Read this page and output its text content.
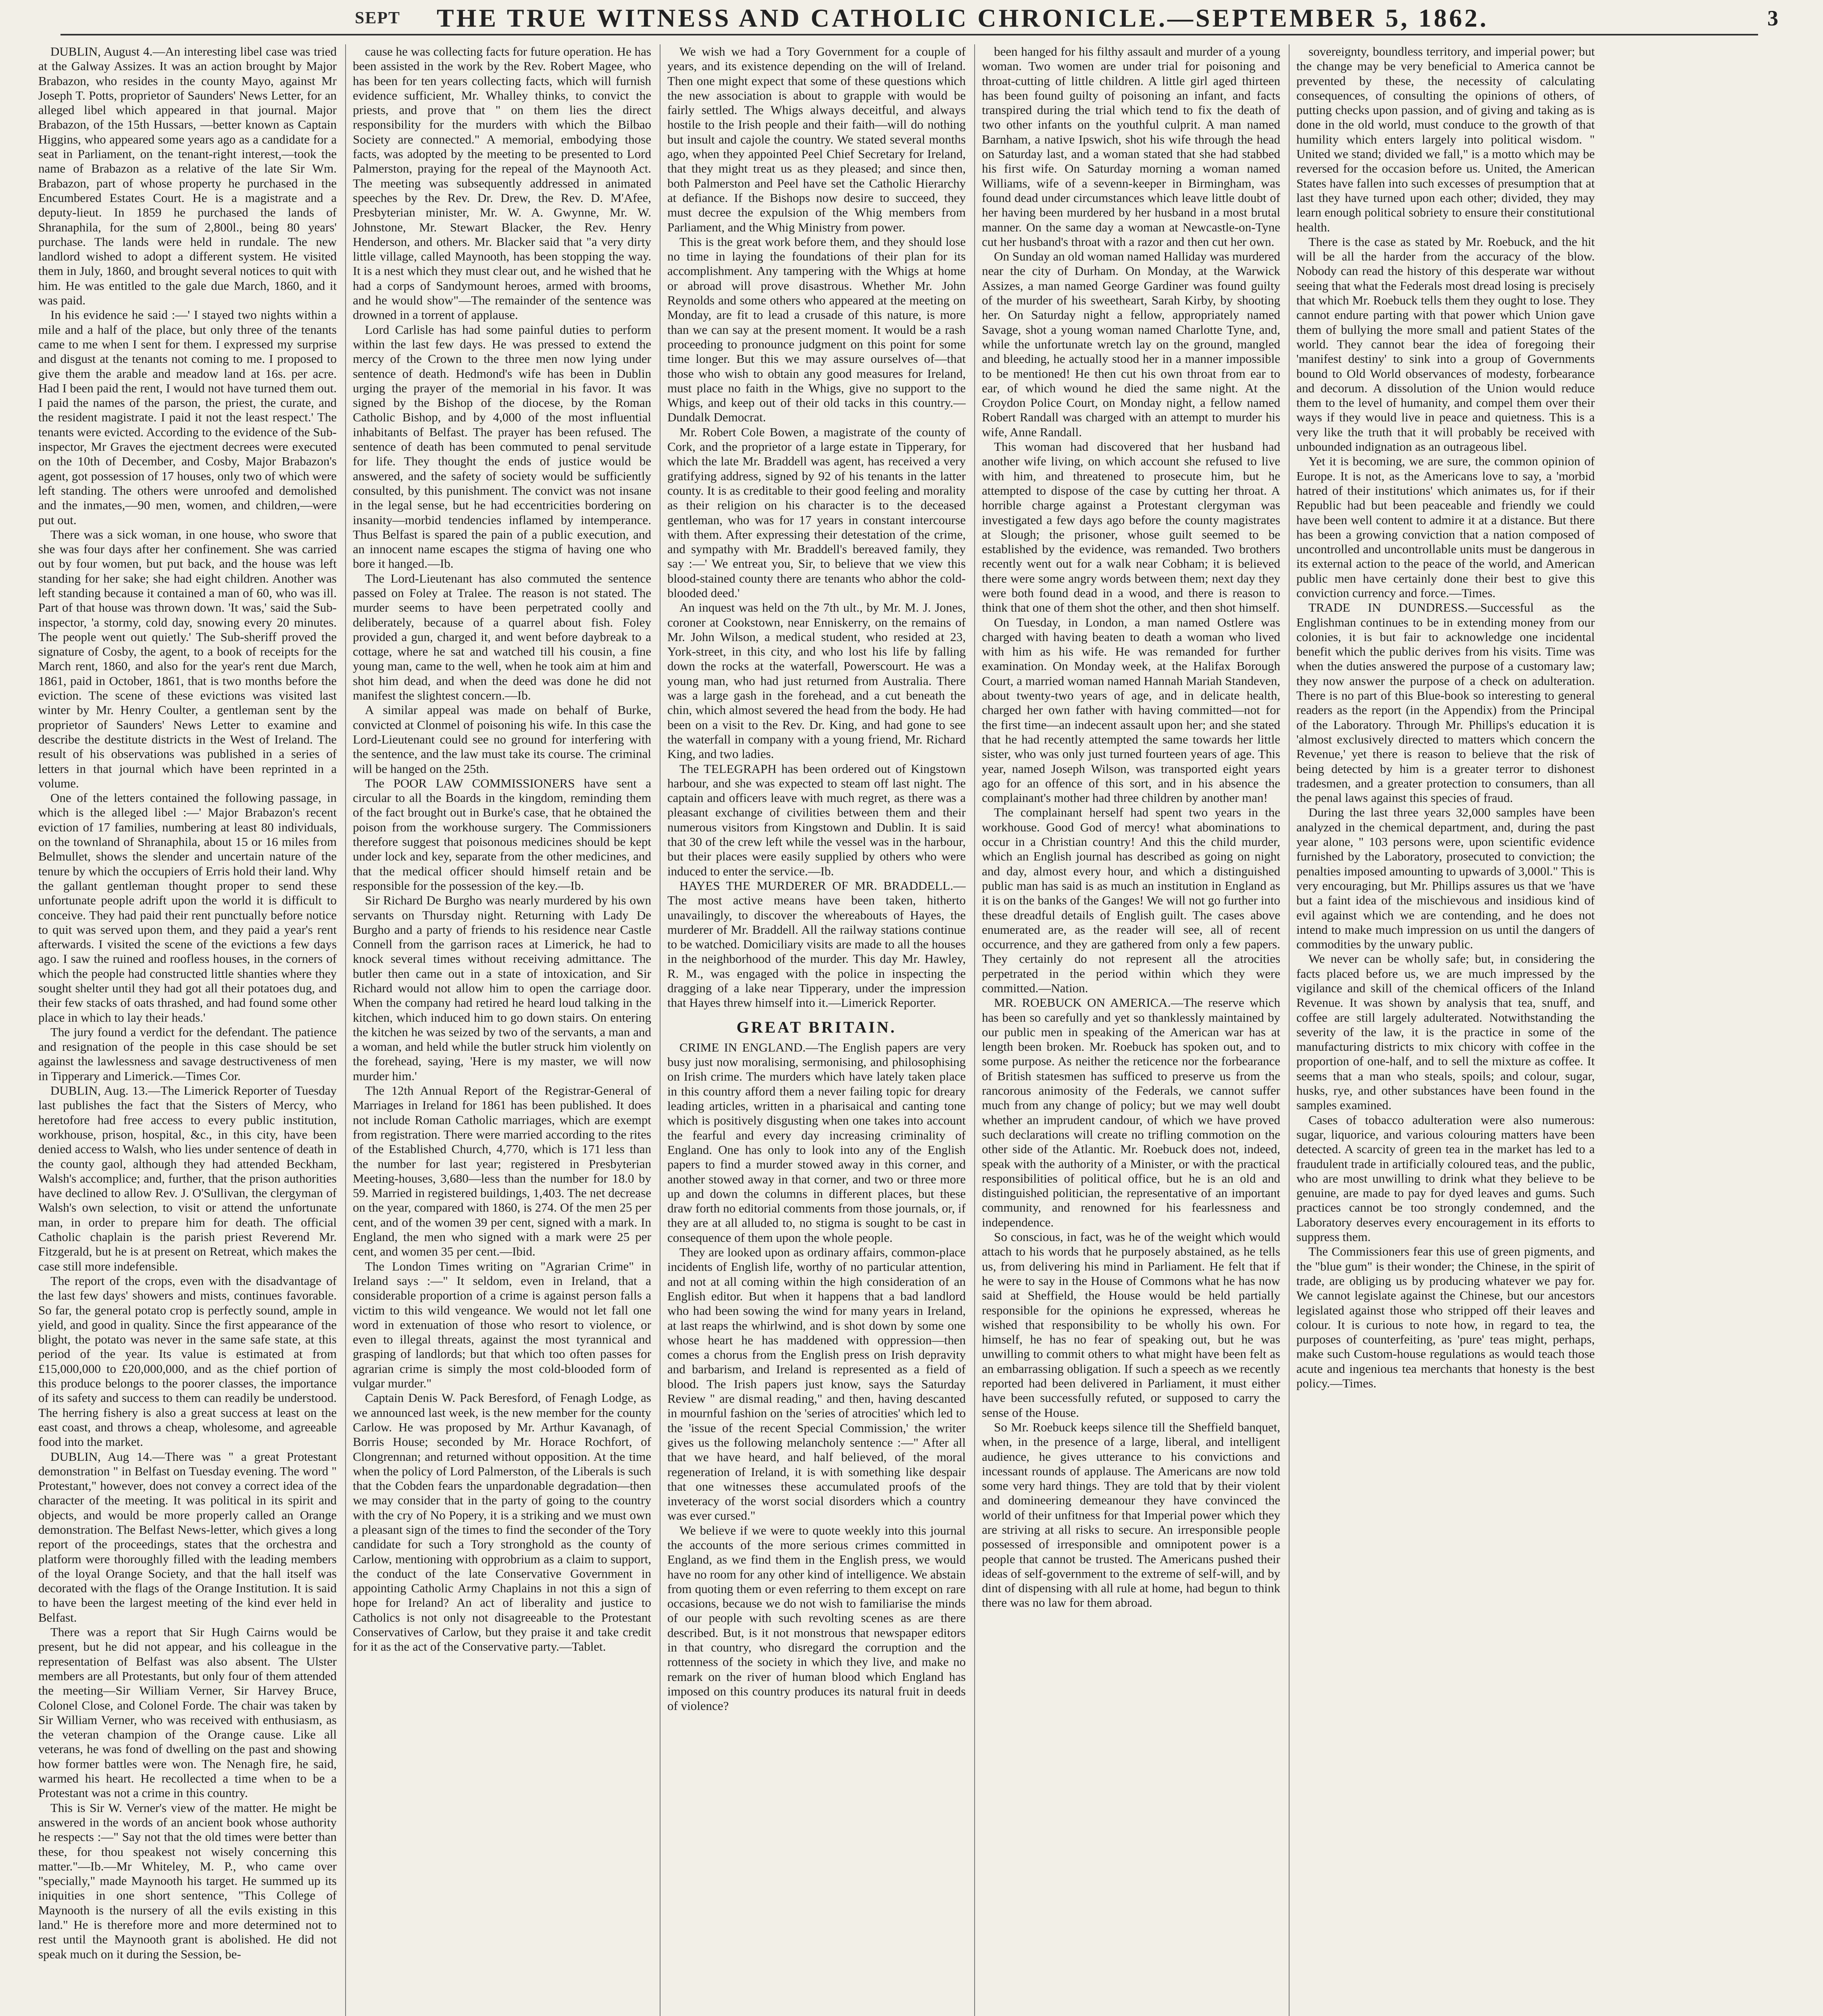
SEPT THE TRUE WITNESS AND CATHOLIC CHRONICLE.—SEPTEMBER 5, 1862.	3

DUBLIN, August 4.—An interesting libel case was tried at the Galway Assizes. It was an action brought by Major Brabazon, who resides in the county Mayo, against Mr Joseph T. Potts, proprietor of Saunders' News Letter, for an alleged libel which appeared in that journal. Major Brabazon, of the 15th Hussars, —better known as Captain Higgins, who appeared some years ago as a candidate for a seat in Parliament, on the tenant-right interest,—took the name of Brabazon as a relative of the late Sir Wm. Brabazon, part of whose property he purchased in the Encumbered Estates Court. He is a magistrate and a deputy-lieut. In 1859 he purchased the lands of Shranaphila, for the sum of 2,800l., being 80 years' purchase. The lands were held in rundale. The new landlord wished to adopt a different system. He visited them in July, 1860, and brought several notices to quit with him. He was entitled to the gale due March, 1860, and it was paid.

In his evidence he said :—' I stayed two nights within a mile and a half of the place, but only three of the tenants came to me when I sent for them. I expressed my surprise and disgust at the tenants not coming to me. I proposed to give them the arable and meadow land at 16s. per acre. Had I been paid the rent, I would not have turned them out. I paid the names of the parson, the priest, the curate, and the resident magistrate. I paid it not the least respect.' The tenants were evicted. According to the evidence of the Sub-inspector, Mr Graves the ejectment decrees were executed on the 10th of December, and Cosby, Major Brabazon's agent, got possession of 17 houses, only two of which were left standing. The others were unroofed and demolished and the inmates,—90 men, women, and children,—were put out.

There was a sick woman, in one house, who swore that she was four days after her confinement. She was carried out by four women, but put back, and the house was left standing for her sake; she had eight children. Another was left standing because it contained a man of 60, who was ill. Part of that house was thrown down. 'It was,' said the Sub-inspector, 'a stormy, cold day, snowing every 20 minutes. The people went out quietly.' The Sub-sheriff proved the signature of Cosby, the agent, to a book of receipts for the March rent, 1860, and also for the year's rent due March, 1861, paid in October, 1861, that is two months before the eviction. The scene of these evictions was visited last winter by Mr. Henry Coulter, a gentleman sent by the proprietor of Saunders' News Letter to examine and describe the destitute districts in the West of Ireland. The result of his observations was published in a series of letters in that journal which have been reprinted in a volume.

One of the letters contained the following passage, in which is the alleged libel :—' Major Brabazon's recent eviction of 17 families, numbering at least 80 individuals, on the townland of Shranaphila, about 15 or 16 miles from Belmullet, shows the slender and uncertain nature of the tenure by which the occupiers of Erris hold their land. Why the gallant gentleman thought proper to send these unfortunate people adrift upon the world it is difficult to conceive. They had paid their rent punctually before notice to quit was served upon them, and they paid a year's rent afterwards. I visited the scene of the evictions a few days ago. I saw the ruined and roofless houses, in the corners of which the people had constructed little shanties where they sought shelter until they had got all their potatoes dug, and their few stacks of oats thrashed, and had found some other place in which to lay their heads.'

The jury found a verdict for the defendant. The patience and resignation of the people in this case should be set against the lawlessness and savage destructiveness of men in Tipperary and Limerick.—Times Cor.

DUBLIN, Aug. 13.—The Limerick Reporter of Tuesday last publishes the fact that the Sisters of Mercy, who heretofore had free access to every public institution, workhouse, prison, hospital, &c., in this city, have been denied access to Walsh, who lies under sentence of death in the county gaol, although they had attended Beckham, Walsh's accomplice; and, further, that the prison authorities have declined to allow Rev. J. O'Sullivan, the clergyman of Walsh's own selection, to visit or attend the unfortunate man, in order to prepare him for death. The official Catholic chaplain is the parish priest Reverend Mr. Fitzgerald, but he is at present on Retreat, which makes the case still more indefensible.

The report of the crops, even with the disadvantage of the last few days' showers and mists, continues favorable. So far, the general potato crop is perfectly sound, ample in yield, and good in quality. Since the first appearance of the blight, the potato was never in the same safe state, at this period of the year. Its value is estimated at from £15,000,000 to £20,000,000, and as the chief portion of this produce belongs to the poorer classes, the importance of its safety and success to them can readily be understood. The herring fishery is also a great success at least on the east coast, and throws a cheap, wholesome, and agreeable food into the market.

DUBLIN, Aug 14.—There was " a great Protestant demonstration " in Belfast on Tuesday evening. The word " Protestant," however, does not convey a correct idea of the character of the meeting. It was political in its spirit and objects, and would be more properly called an Orange demonstration. The Belfast News-letter, which gives a long report of the proceedings, states that the orchestra and platform were thoroughly filled with the leading members of the loyal Orange Society, and that the hall itself was decorated with the flags of the Orange Institution. It is said to have been the largest meeting of the kind ever held in Belfast.

There was a report that Sir Hugh Cairns would be present, but he did not appear, and his colleague in the representation of Belfast was also absent. The Ulster members are all Protestants, but only four of them attended the meeting—Sir William Verner, Sir Harvey Bruce, Colonel Close, and Colonel Forde. The chair was taken by Sir William Verner, who was received with enthusiasm, as the veteran champion of the Orange cause. Like all veterans, he was fond of dwelling on the past and showing how former battles were won. The Nenagh fire, he said, warmed his heart. He recollected a time when to be a Protestant was not a crime in this country.

This is Sir W. Verner's view of the matter. He might be answered in the words of an ancient book whose authority he respects :—" Say not that the old times were better than these, for thou speakest not wisely concerning this matter."—Ib.—Mr Whiteley, M. P., who came over "specially," made Maynooth his target. He summed up its iniquities in one short sentence, "This College of Maynooth is the nursery of all the evils existing in this land." He is therefore more and more determined not to rest until the Maynooth grant is abolished. He did not speak much on it during the Session, be-

cause he was collecting facts for future operation. He has been assisted in the work by the Rev. Robert Magee, who has been for ten years collecting facts, which will furnish evidence sufficient, Mr. Whalley thinks, to convict the priests, and prove that " on them lies the direct responsibility for the murders with which the Bilbao Society are connected." A memorial, embodying those facts, was adopted by the meeting to be presented to Lord Palmerston, praying for the repeal of the Maynooth Act. The meeting was subsequently addressed in animated speeches by the Rev. Dr. Drew, the Rev. D. M'Afee, Presbyterian minister, Mr. W. A. Gwynne, Mr. W. Johnstone, Mr. Stewart Blacker, the Rev. Henry Henderson, and others. Mr. Blacker said that "a very dirty little village, called Maynooth, has been stopping the way. It is a nest which they must clear out, and he wished that he had a corps of Sandymount heroes, armed with brooms, and he would show"—The remainder of the sentence was drowned in a torrent of applause.

Lord Carlisle has had some painful duties to perform within the last few days. He was pressed to extend the mercy of the Crown to the three men now lying under sentence of death. Hedmond's wife has been in Dublin urging the prayer of the memorial in his favor. It was signed by the Bishop of the diocese, by the Roman Catholic Bishop, and by 4,000 of the most influential inhabitants of Belfast. The prayer has been refused. The sentence of death has been commuted to penal servitude for life. They thought the ends of justice would be answered, and the safety of society would be sufficiently consulted, by this punishment. The convict was not insane in the legal sense, but he had eccentricities bordering on insanity—morbid tendencies inflamed by intemperance. Thus Belfast is spared the pain of a public execution, and an innocent name escapes the stigma of having one who bore it hanged.—Ib.

The Lord-Lieutenant has also commuted the sentence passed on Foley at Tralee. The reason is not stated. The murder seems to have been perpetrated coolly and deliberately, because of a quarrel about fish. Foley provided a gun, charged it, and went before daybreak to a cottage, where he sat and watched till his cousin, a fine young man, came to the well, when he took aim at him and shot him dead, and when the deed was done he did not manifest the slightest concern.—Ib.

A similar appeal was made on behalf of Burke, convicted at Clonmel of poisoning his wife. In this case the Lord-Lieutenant could see no ground for interfering with the sentence, and the law must take its course. The criminal will be hanged on the 25th.

The POOR LAW COMMISSIONERS have sent a circular to all the Boards in the kingdom, reminding them of the fact brought out in Burke's case, that he obtained the poison from the workhouse surgery. The Commissioners therefore suggest that poisonous medicines should be kept under lock and key, separate from the other medicines, and that the medical officer should himself retain and be responsible for the possession of the key.—Ib.

Sir Richard De Burgho was nearly murdered by his own servants on Thursday night. Returning with Lady De Burgho and a party of friends to his residence near Castle Connell from the garrison races at Limerick, he had to knock several times without receiving admittance. The butler then came out in a state of intoxication, and Sir Richard would not allow him to open the carriage door. When the company had retired he heard loud talking in the kitchen, which induced him to go down stairs. On entering the kitchen he was seized by two of the servants, a man and a woman, and held while the butler struck him violently on the forehead, saying, 'Here is my master, we will now murder him.'

The 12th Annual Report of the Registrar-General of Marriages in Ireland for 1861 has been published. It does not include Roman Catholic marriages, which are exempt from registration. There were married according to the rites of the Established Church, 4,770, which is 171 less than the number for last year; registered in Presbyterian Meeting-houses, 3,680—less than the number for 18.0 by 59. Married in registered buildings, 1,403. The net decrease on the year, compared with 1860, is 274. Of the men 25 per cent, and of the women 39 per cent, signed with a mark. In England, the men who signed with a mark were 25 per cent, and women 35 per cent.—Ibid.

The London Times writing on "Agrarian Crime" in Ireland says :—" It seldom, even in Ireland, that a considerable proportion of a crime is against person falls a victim to this wild vengeance. We would not let fall one word in extenuation of those who resort to violence, or even to illegal threats, against the most tyrannical and grasping of landlords; but that which too often passes for agrarian crime is simply the most cold-blooded form of vulgar murder."

Captain Denis W. Pack Beresford, of Fenagh Lodge, as we announced last week, is the new member for the county Carlow. He was proposed by Mr. Arthur Kavanagh, of Borris House; seconded by Mr. Horace Rochfort, of Clongrennan; and returned without opposition. At the time when the policy of Lord Palmerston, of the Liberals is such that the Cobden fears the unpardonable degradation—then we may consider that in the party of going to the country with the cry of No Popery, it is a striking and we must own a pleasant sign of the times to find the seconder of the Tory candidate for such a Tory stronghold as the county of Carlow, mentioning with opprobrium as a claim to support, the conduct of the late Conservative Government in appointing Catholic Army Chaplains in not this a sign of hope for Ireland? An act of liberality and justice to Catholics is not only not disagreeable to the Protestant Conservatives of Carlow, but they praise it and take credit for it as the act of the Conservative party.—Tablet.

We wish we had a Tory Government for a couple of years, and its existence depending on the will of Ireland. Then one might expect that some of these questions which the new association is about to grapple with would be fairly settled. The Whigs always deceitful, and always hostile to the Irish people and their faith—will do nothing but insult and cajole the country. We stated several months ago, when they appointed Peel Chief Secretary for Ireland, that they might treat us as they pleased; and since then, both Palmerston and Peel have set the Catholic Hierarchy at defiance. If the Bishops now desire to succeed, they must decree the expulsion of the Whig members from Parliament, and the Whig Ministry from power.

This is the great work before them, and they should lose no time in laying the foundations of their plan for its accomplishment. Any tampering with the Whigs at home or abroad will prove disastrous. Whether Mr. John Reynolds and some others who appeared at the meeting on Monday, are fit to lead a crusade of this nature, is more than we can say at the present moment. It would be a rash proceeding to pronounce judgment on this point for some time longer. But this we may assure ourselves of—that those who wish to obtain any good measures for Ireland, must place no faith in the Whigs, give no support to the Whigs, and keep out of their old tacks in this country.—Dundalk Democrat.

Mr. Robert Cole Bowen, a magistrate of the county of Cork, and the proprietor of a large estate in Tipperary, for which the late Mr. Braddell was agent, has received a very gratifying address, signed by 92 of his tenants in the latter county. It is as creditable to their good feeling and morality as their religion on his character is to the deceased gentleman, who was for 17 years in constant intercourse with them. After expressing their detestation of the crime, and sympathy with Mr. Braddell's bereaved family, they say :—' We entreat you, Sir, to believe that we view this blood-stained county there are tenants who abhor the cold-blooded deed.'

An inquest was held on the 7th ult., by Mr. M. J. Jones, coroner at Cookstown, near Enniskerry, on the remains of Mr. John Wilson, a medical student, who resided at 23, York-street, in this city, and who lost his life by falling down the rocks at the waterfall, Powerscourt. He was a young man, who had just returned from Australia. There was a large gash in the forehead, and a cut beneath the chin, which almost severed the head from the body. He had been on a visit to the Rev. Dr. King, and had gone to see the waterfall in company with a young friend, Mr. Richard King, and two ladies.

The TELEGRAPH has been ordered out of Kingstown harbour, and she was expected to steam off last night. The captain and officers leave with much regret, as there was a pleasant exchange of civilities between them and their numerous visitors from Kingstown and Dublin. It is said that 30 of the crew left while the vessel was in the harbour, but their places were easily supplied by others who were induced to enter the service.—Ib.

HAYES THE MURDERER OF MR. BRADDELL.—The most active means have been taken, hitherto unavailingly, to discover the whereabouts of Hayes, the murderer of Mr. Braddell. All the railway stations continue to be watched. Domiciliary visits are made to all the houses in the neighborhood of the murder. This day Mr. Hawley, R. M., was engaged with the police in inspecting the dragging of a lake near Tipperary, under the impression that Hayes threw himself into it.—Limerick Reporter.

GREAT BRITAIN.

CRIME IN ENGLAND.—The English papers are very busy just now moralising, sermonising, and philosophising on Irish crime. The murders which have lately taken place in this country afford them a never failing topic for dreary leading articles, written in a pharisaical and canting tone which is positively disgusting when one takes into account the fearful and every day increasing criminality of England. One has only to look into any of the English papers to find a murder stowed away in this corner, and another stowed away in that corner, and two or three more up and down the columns in different places, but these draw forth no editorial comments from those journals, or, if they are at all alluded to, no stigma is sought to be cast in consequence of them upon the whole people.

They are looked upon as ordinary affairs, common-place incidents of English life, worthy of no particular attention, and not at all coming within the high consideration of an English editor. But when it happens that a bad landlord who had been sowing the wind for many years in Ireland, at last reaps the whirlwind, and is shot down by some one whose heart he has maddened with oppression—then comes a chorus from the English press on Irish depravity and barbarism, and Ireland is represented as a field of blood. The Irish papers just know, says the Saturday Review " are dismal reading," and then, having descanted in mournful fashion on the 'series of atrocities' which led to the 'issue of the recent Special Commission,' the writer gives us the following melancholy sentence :—" After all that we have heard, and half believed, of the moral regeneration of Ireland, it is with something like despair that one witnesses these accumulated proofs of the inveteracy of the worst social disorders which a country was ever cursed."

We believe if we were to quote weekly into this journal the accounts of the more serious crimes committed in England, as we find them in the English press, we would have no room for any other kind of intelligence. We abstain from quoting them or even referring to them except on rare occasions, because we do not wish to familiarise the minds of our people with such revolting scenes as are there described. But, is it not monstrous that newspaper editors in that country, who disregard the corruption and the rottenness of the society in which they live, and make no remark on the river of human blood which England has imposed on this country produces its natural fruit in deeds of violence?

been hanged for his filthy assault and murder of a young woman. Two women are under trial for poisoning and throat-cutting of little children. A little girl aged thirteen has been found guilty of poisoning an infant, and facts transpired during the trial which tend to fix the death of two other infants on the youthful culprit. A man named Barnham, a native Ipswich, shot his wife through the head on Saturday last, and a woman stated that she had stabbed his first wife. On Saturday morning a woman named Williams, wife of a sevenn-keeper in Birmingham, was found dead under circumstances which leave little doubt of her having been murdered by her husband in a most brutal manner. On the same day a woman at Newcastle-on-Tyne cut her husband's throat with a razor and then cut her own.

On Sunday an old woman named Halliday was murdered near the city of Durham. On Monday, at the Warwick Assizes, a man named George Gardiner was found guilty of the murder of his sweetheart, Sarah Kirby, by shooting her. On Saturday night a fellow, appropriately named Savage, shot a young woman named Charlotte Tyne, and, while the unfortunate wretch lay on the ground, mangled and bleeding, he actually stood her in a manner impossible to be mentioned! He then cut his own throat from ear to ear, of which wound he died the same night. At the Croydon Police Court, on Monday night, a fellow named Robert Randall was charged with an attempt to murder his wife, Anne Randall.

This woman had discovered that her husband had another wife living, on which account she refused to live with him, and threatened to prosecute him, but he attempted to dispose of the case by cutting her throat. A horrible charge against a Protestant clergyman was investigated a few days ago before the county magistrates at Slough; the prisoner, whose guilt seemed to be established by the evidence, was remanded. Two brothers recently went out for a walk near Cobham; it is believed there were some angry words between them; next day they were both found dead in a wood, and there is reason to think that one of them shot the other, and then shot himself.

On Tuesday, in London, a man named Ostlere was charged with having beaten to death a woman who lived with him as his wife. He was remanded for further examination. On Monday week, at the Halifax Borough Court, a married woman named Hannah Mariah Standeven, about twenty-two years of age, and in delicate health, charged her own father with having committed—not for the first time—an indecent assault upon her; and she stated that he had recently attempted the same towards her little sister, who was only just turned fourteen years of age. This year, named Joseph Wilson, was transported eight years ago for an offence of this sort, and in his absence the complainant's mother had three children by another man!

The complainant herself had spent two years in the workhouse. Good God of mercy! what abominations to occur in a Christian country! And this the child murder, which an English journal has described as going on night and day, almost every hour, and which a distinguished public man has said is as much an institution in England as it is on the banks of the Ganges! We will not go further into these dreadful details of English guilt. The cases above enumerated are, as the reader will see, all of recent occurrence, and they are gathered from only a few papers. They certainly do not represent all the atrocities perpetrated in the period within which they were committed.—Nation.

MR. ROEBUCK ON AMERICA.—The reserve which has been so carefully and yet so thanklessly maintained by our public men in speaking of the American war has at length been broken. Mr. Roebuck has spoken out, and to some purpose. As neither the reticence nor the forbearance of British statesmen has sufficed to preserve us from the rancorous animosity of the Federals, we cannot suffer much from any change of policy; but we may well doubt whether an imprudent candour, of which we have proved such declarations will create no trifling commotion on the other side of the Atlantic. Mr. Roebuck does not, indeed, speak with the authority of a Minister, or with the practical responsibilities of political office, but he is an old and distinguished politician, the representative of an important community, and renowned for his fearlessness and independence.

So conscious, in fact, was he of the weight which would attach to his words that he purposely abstained, as he tells us, from delivering his mind in Parliament. He felt that if he were to say in the House of Commons what he has now said at Sheffield, the House would be held partially responsible for the opinions he expressed, whereas he wished that responsibility to be wholly his own. For himself, he has no fear of speaking out, but he was unwilling to commit others to what might have been felt as an embarrassing obligation. If such a speech as we recently reported had been delivered in Parliament, it must either have been successfully refuted, or supposed to carry the sense of the House.

So Mr. Roebuck keeps silence till the Sheffield banquet, when, in the presence of a large, liberal, and intelligent audience, he gives utterance to his convictions and incessant rounds of applause. The Americans are now told some very hard things. They are told that by their violent and domineering demeanour they have convinced the world of their unfitness for that Imperial power which they are striving at all risks to secure. An irresponsible people possessed of irresponsible and omnipotent power is a people that cannot be trusted. The Americans pushed their ideas of self-government to the extreme of self-will, and by dint of dispensing with all rule at home, had begun to think there was no law for them abroad.

sovereignty, boundless territory, and imperial power; but the change may be very beneficial to America cannot be prevented by these, the necessity of calculating consequences, of consulting the opinions of others, of putting checks upon passion, and of giving and taking as is done in the old world, must conduce to the growth of that humility which enters largely into political wisdom. " United we stand; divided we fall," is a motto which may be reversed for the occasion before us. United, the American States have fallen into such excesses of presumption that at last they have turned upon each other; divided, they may learn enough political sobriety to ensure their constitutional health.

There is the case as stated by Mr. Roebuck, and the hit will be all the harder from the accuracy of the blow. Nobody can read the history of this desperate war without seeing that what the Federals most dread losing is precisely that which Mr. Roebuck tells them they ought to lose. They cannot endure parting with that power which Union gave them of bullying the more small and patient States of the world. They cannot bear the idea of foregoing their 'manifest destiny' to sink into a group of Governments bound to Old World observances of modesty, forbearance and decorum. A dissolution of the Union would reduce them to the level of humanity, and compel them over their ways if they would live in peace and quietness. This is a very like the truth that it will probably be received with unbounded indignation as an outrageous libel.

Yet it is becoming, we are sure, the common opinion of Europe. It is not, as the Americans love to say, a 'morbid hatred of their institutions' which animates us, for if their Republic had but been peaceable and friendly we could have been well content to admire it at a distance. But there has been a growing conviction that a nation composed of uncontrolled and uncontrollable units must be dangerous in its external action to the peace of the world, and American public men have certainly done their best to give this conviction currency and force.—Times.

TRADE IN DUNDRESS.—Successful as the Englishman continues to be in extending money from our colonies, it is but fair to acknowledge one incidental benefit which the public derives from his visits. Time was when the duties answered the purpose of a customary law; they now answer the purpose of a check on adulteration. There is no part of this Blue-book so interesting to general readers as the report (in the Appendix) from the Principal of the Laboratory. Through Mr. Phillips's education it is 'almost exclusively directed to matters which concern the Revenue,' yet there is reason to believe that the risk of being detected by him is a greater terror to dishonest tradesmen, and a greater protection to consumers, than all the penal laws against this species of fraud.

During the last three years 32,000 samples have been analyzed in the chemical department, and, during the past year alone, " 103 persons were, upon scientific evidence furnished by the Laboratory, prosecuted to conviction; the penalties imposed amounting to upwards of 3,000l." This is very encouraging, but Mr. Phillips assures us that we 'have but a faint idea of the mischievous and insidious kind of evil against which we are contending, and he does not intend to make much impression on us until the dangers of commodities by the unwary public.

We never can be wholly safe; but, in considering the facts placed before us, we are much impressed by the vigilance and skill of the chemical officers of the Inland Revenue. It was shown by analysis that tea, snuff, and coffee are still largely adulterated. Notwithstanding the severity of the law, it is the practice in some of the manufacturing districts to mix chicory with coffee in the proportion of one-half, and to sell the mixture as coffee. It seems that a man who steals, spoils; and colour, sugar, husks, rye, and other substances have been found in the samples examined.

Cases of tobacco adulteration were also numerous: sugar, liquorice, and various colouring matters have been detected. A scarcity of green tea in the market has led to a fraudulent trade in artificially coloured teas, and the public, who are most unwilling to drink what they believe to be genuine, are made to pay for dyed leaves and gums. Such practices cannot be too strongly condemned, and the Laboratory deserves every encouragement in its efforts to suppress them.

The Commissioners fear this use of green pigments, and the "blue gum" is their wonder; the Chinese, in the spirit of trade, are obliging us by producing whatever we pay for. We cannot legislate against the Chinese, but our ancestors legislated against those who stripped off their leaves and colour. It is curious to note how, in regard to tea, the purposes of counterfeiting, as 'pure' teas might, perhaps, make such Custom-house regulations as would teach those acute and ingenious tea merchants that honesty is the best policy.—Times.
